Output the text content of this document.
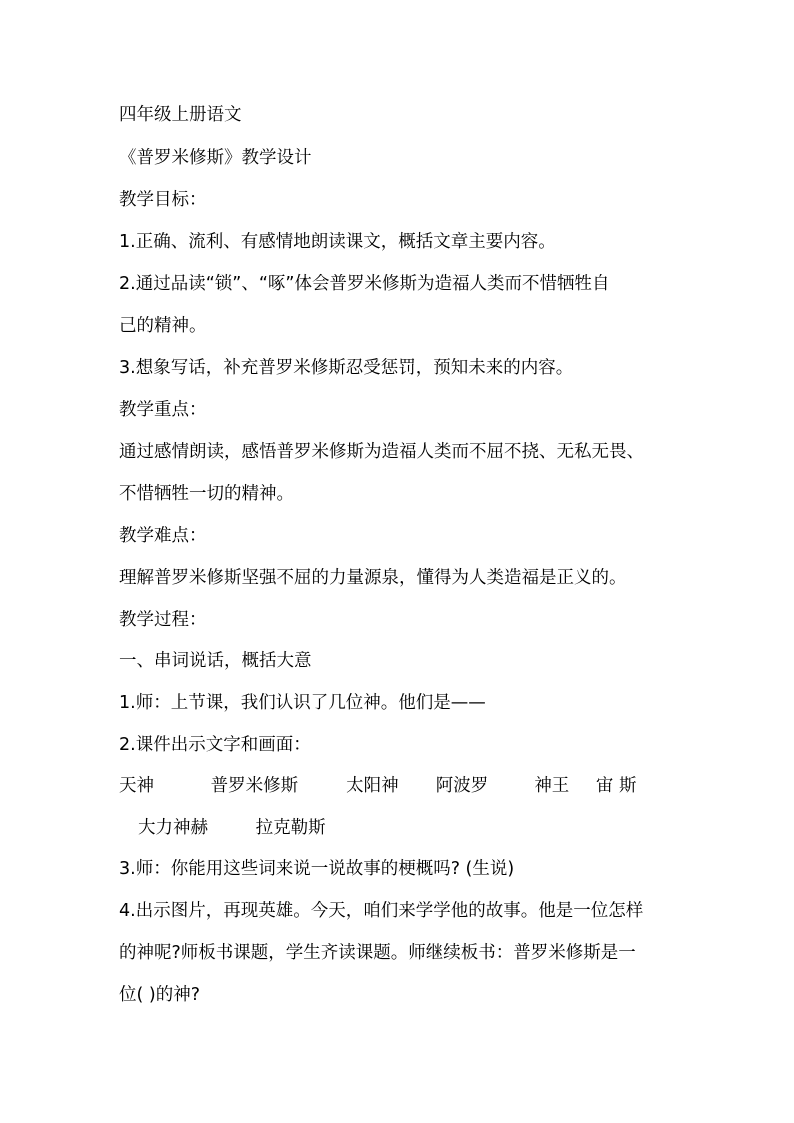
四年级上册语文

《普罗米修斯》教学设计

教学目标：

1.正确、流利、有感情地朗读课文，概括文章主要内容。

2.通过品读“锁”、“啄”体会普罗米修斯为造福人类而不惜牺牲自

己的精神。

3.想象写话，补充普罗米修斯忍受惩罚，预知未来的内容。

教学重点：

通过感情朗读，感悟普罗米修斯为造福人类而不屈不挠、无私无畏、

不惜牺牲一切的精神。

教学难点：

理解普罗米修斯坚强不屈的力量源泉，懂得为人类造福是正义的。

教学过程：

一、串词说话，概括大意

1.师：上节课，我们认识了几位神。他们是——

2.课件出示文字和画面：

天神	普罗米修斯	太阳神 阿波罗	神王 宙 斯
大力神赫	拉克勒斯

3.师：你能用这些词来说一说故事的梗概吗? (生说)

4.出示图片，再现英雄。今天，咱们来学学他的故事。他是一位怎样

的神呢?师板书课题，学生齐读课题。师继续板书：普罗米修斯是一

位( )的神?
